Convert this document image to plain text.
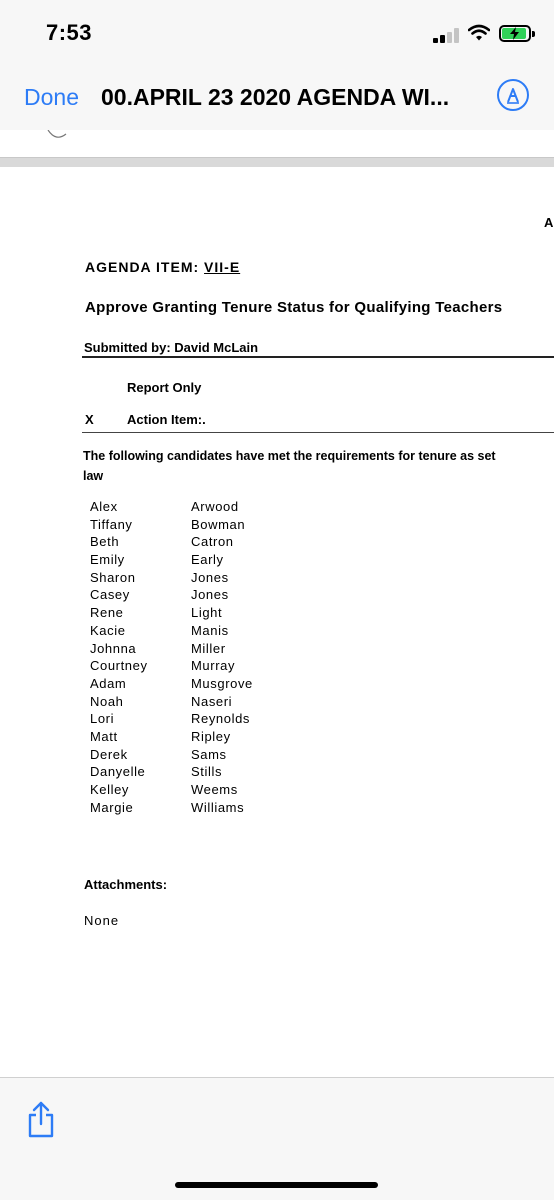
7:53
Done 00.APRIL 23 2020 AGENDA WI...
A
AGENDA ITEM: VII-E
Approve Granting Tenure Status for Qualifying Teachers
Submitted by: David McLain
Report Only
X	Action Item:.
The following candidates have met the requirements for tenure as set
law
Alex	Arwood
Tiffany	Bowman
Beth	Catron
Emily	Early
Sharon	Jones
Casey	Jones
Rene	Light
Kacie	Manis
Johnna	Miller
Courtney	Murray
Adam	Musgrove
Noah	Naseri
Lori	Reynolds
Matt	Ripley
Derek	Sams
Danyelle	Stills
Kelley	Weems
Margie	Williams
Attachments:
None
